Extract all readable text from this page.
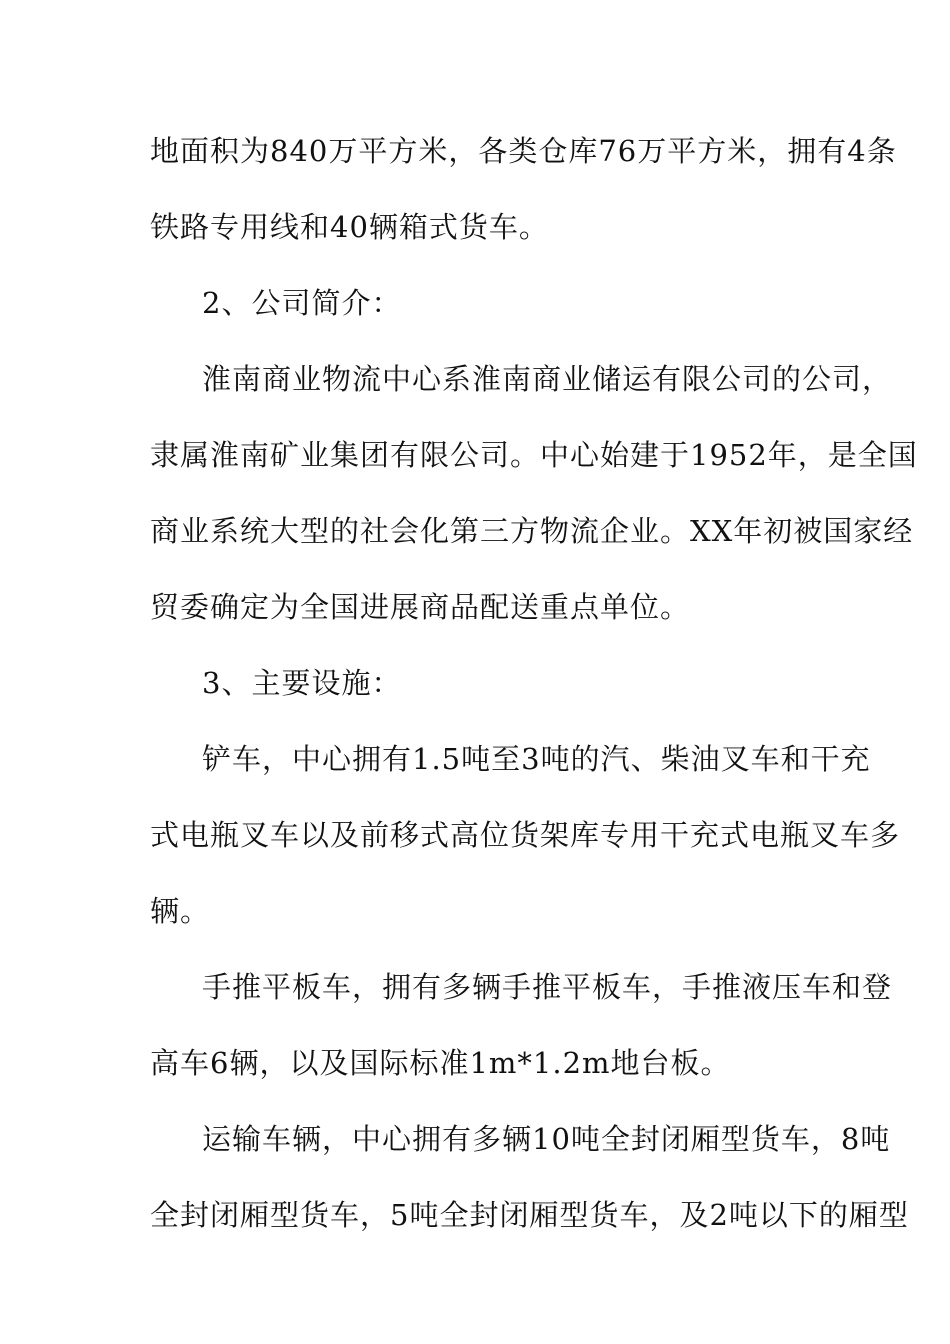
地面积为840万平方米，各类仓库76万平方米，拥有4条
铁路专用线和40辆箱式货车。
2、公司简介：
淮南商业物流中心系淮南商业储运有限公司的公司，
隶属淮南矿业集团有限公司。中心始建于1952年，是全国
商业系统大型的社会化第三方物流企业。XX年初被国家经
贸委确定为全国进展商品配送重点单位。
3、主要设施：
铲车，中心拥有1.5吨至3吨的汽、柴油叉车和干充
式电瓶叉车以及前移式高位货架库专用干充式电瓶叉车多
辆。
手推平板车，拥有多辆手推平板车，手推液压车和登
高车6辆，以及国际标准1m*1.2m地台板。
运输车辆，中心拥有多辆10吨全封闭厢型货车，8吨
全封闭厢型货车，5吨全封闭厢型货车，及2吨以下的厢型
